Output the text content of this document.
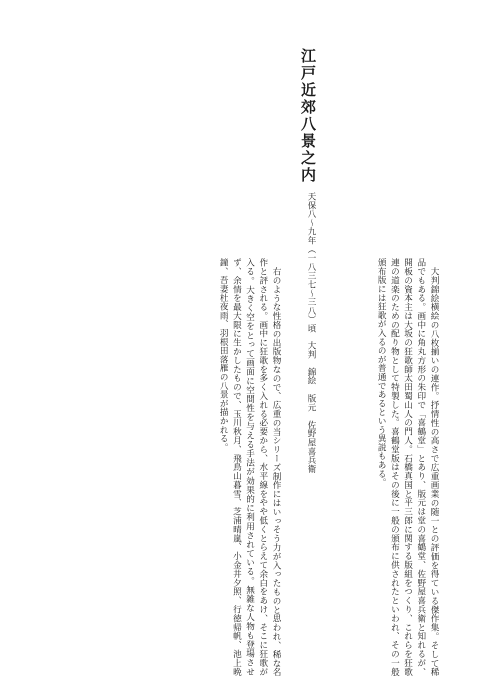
江戸近郊八景之内
天保八〜九年（一八三七〜三八）頃
大判　錦絵 版元　佐野屋喜兵衛	大判錦絵横絵の八枚揃いの連作。抒情性の高さで広重画業の随一との評価を得ている傑作集。そして稀品でもある。画中に角丸方形の朱印で「喜鶴堂」とあり、版元は堂の喜鶴堂、佐野屋喜兵衛と知れるが、開板の資本主は大坂の狂歌師太田蜀山人の門人。石橋真国と平三郎に関する版組をつくり、これらを狂歌連の道楽のための配り物として特製した。喜鶴堂版はその後に一般の頒布に供されたといわれ、その一般頒布版には狂歌が入るのが普通であるという異説もある。

右のような性格の出版物なので、広重の当シリーズ制作にはいっそう力が入ったものと思われ、稀な名作と評される。画中に狂歌を多く入れる必要から、水平線をやや低くとらえて余白をあけ、そこに狂歌が入る。大きく空をとって画面に空間性を与える手法が効果的に利用されている。無雑な人物も登場させず、余情を最大限に生かしたもので、玉川秋月、飛鳥山暮雪、芝浦晴嵐、小金井夕照、行徳帰帆、池上晩鐘、吾妻杜夜雨、羽根田落雁の八景が描かれる。
